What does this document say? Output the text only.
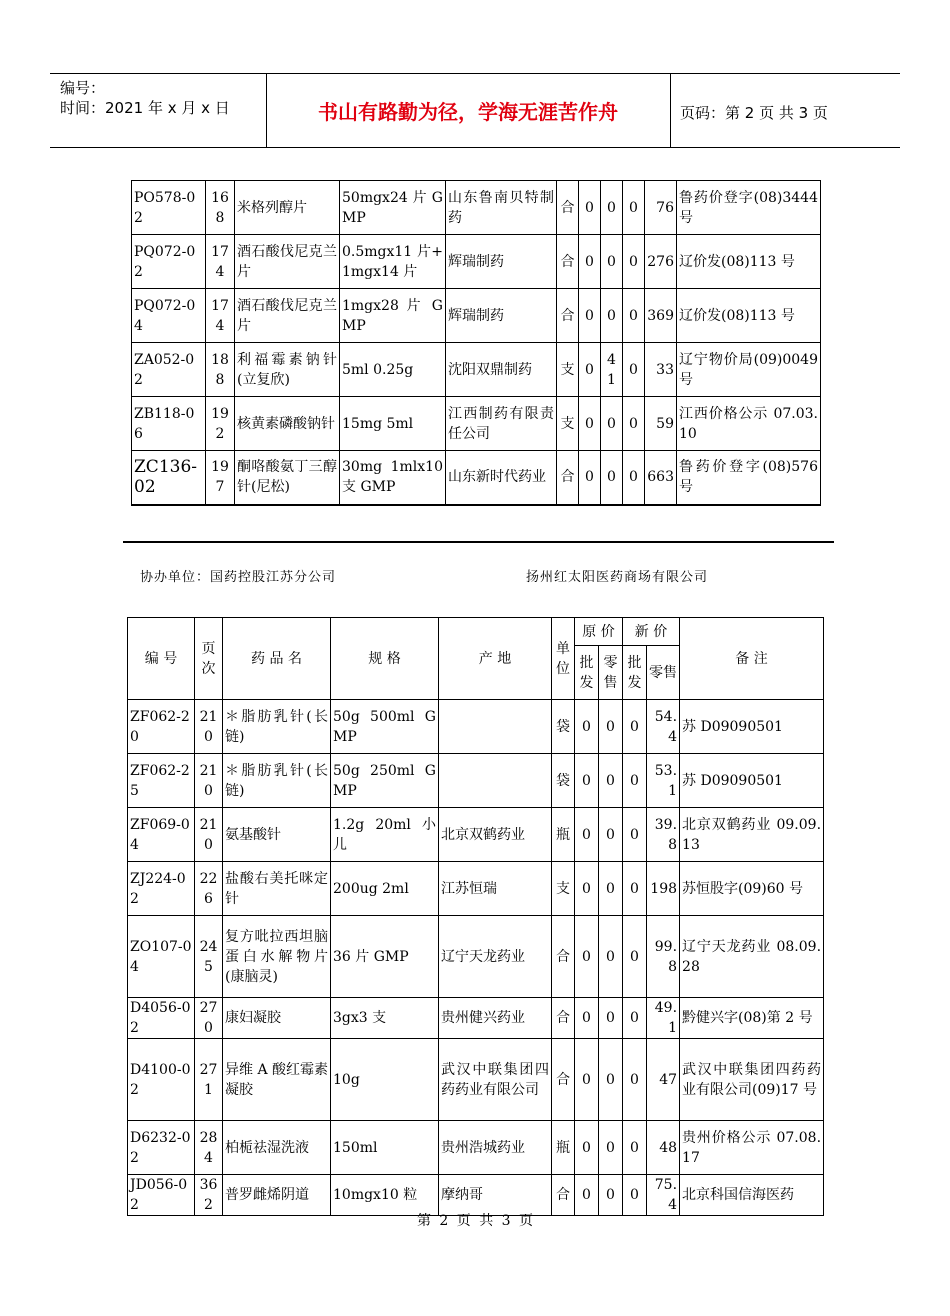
编号：
时间：2021 年 x 月 x 日	书山有路勤为径，学海无涯苦作舟	页码：第 2 页 共 3 页
PO578-02	168	米格列醇片	50mgx24 片 GMP	山东鲁南贝特制药	合	0	0	0	76	鲁药价登字(08)3444 号
PQ072-02	174	酒石酸伐尼克兰片	0.5mgx11 片+1mgx14 片	辉瑞制药	合	0	0	0	276	辽价发(08)113 号
PQ072-04	174	酒石酸伐尼克兰片	1mgx28 片 GMP	辉瑞制药	合	0	0	0	369	辽价发(08)113 号
ZA052-02	188	利福霉素钠针(立复欣)	5ml 0.25g	沈阳双鼎制药	支	0	41	0	33	辽宁物价局(09)0049 号
ZB118-06	192	核黄素磷酸钠针	15mg 5ml	江西制药有限责任公司	支	0	0	0	59	江西价格公示 07.03.10
ZC136-02	197	酮咯酸氨丁三醇针(尼松)	30mg 1mlx10 支 GMP	山东新时代药业	合	0	0	0	663	鲁药价登字(08)576 号
协办单位：国药控股江苏分公司	扬州红太阳医药商场有限公司
编 号	页次	药 品 名	规 格	产 地	单位	原 价		新 价		备 注
						批发	零售	批发	零售	
ZF062-20	210	＊脂肪乳针(长链)	50g 500ml GMP		袋	0	0	0	54.4	苏 D09090501
ZF062-25	210	＊脂肪乳针(长链)	50g 250ml GMP		袋	0	0	0	53.1	苏 D09090501
ZF069-04	210	氨基酸针	1.2g 20ml 小儿	北京双鹤药业	瓶	0	0	0	39.8	北京双鹤药业 09.09.13
ZJ224-02	226	盐酸右美托咪定针	200ug 2ml	江苏恒瑞	支	0	0	0	198	苏恒股字(09)60 号
ZO107-04	245	复方吡拉西坦脑蛋白水解物片(康脑灵)	36 片 GMP	辽宁天龙药业	合	0	0	0	99.8	辽宁天龙药业 08.09.28
D4056-02	270	康妇凝胶	3gx3 支	贵州健兴药业	合	0	0	0	49.1	黔健兴字(08)第 2 号
D4100-02	271	异维 A 酸红霉素凝胶	10g	武汉中联集团四药药业有限公司	合	0	0	0	47	武汉中联集团四药药业有限公司(09)17 号
D6232-02	284	柏栀祛湿洗液	150ml	贵州浩城药业	瓶	0	0	0	48	贵州价格公示 07.08.17
JD056-02	362	普罗雌烯阴道	10mgx10 粒	摩纳哥	合	0	0	0	75.4	北京科国信海医药
第 2 页 共 3 页
